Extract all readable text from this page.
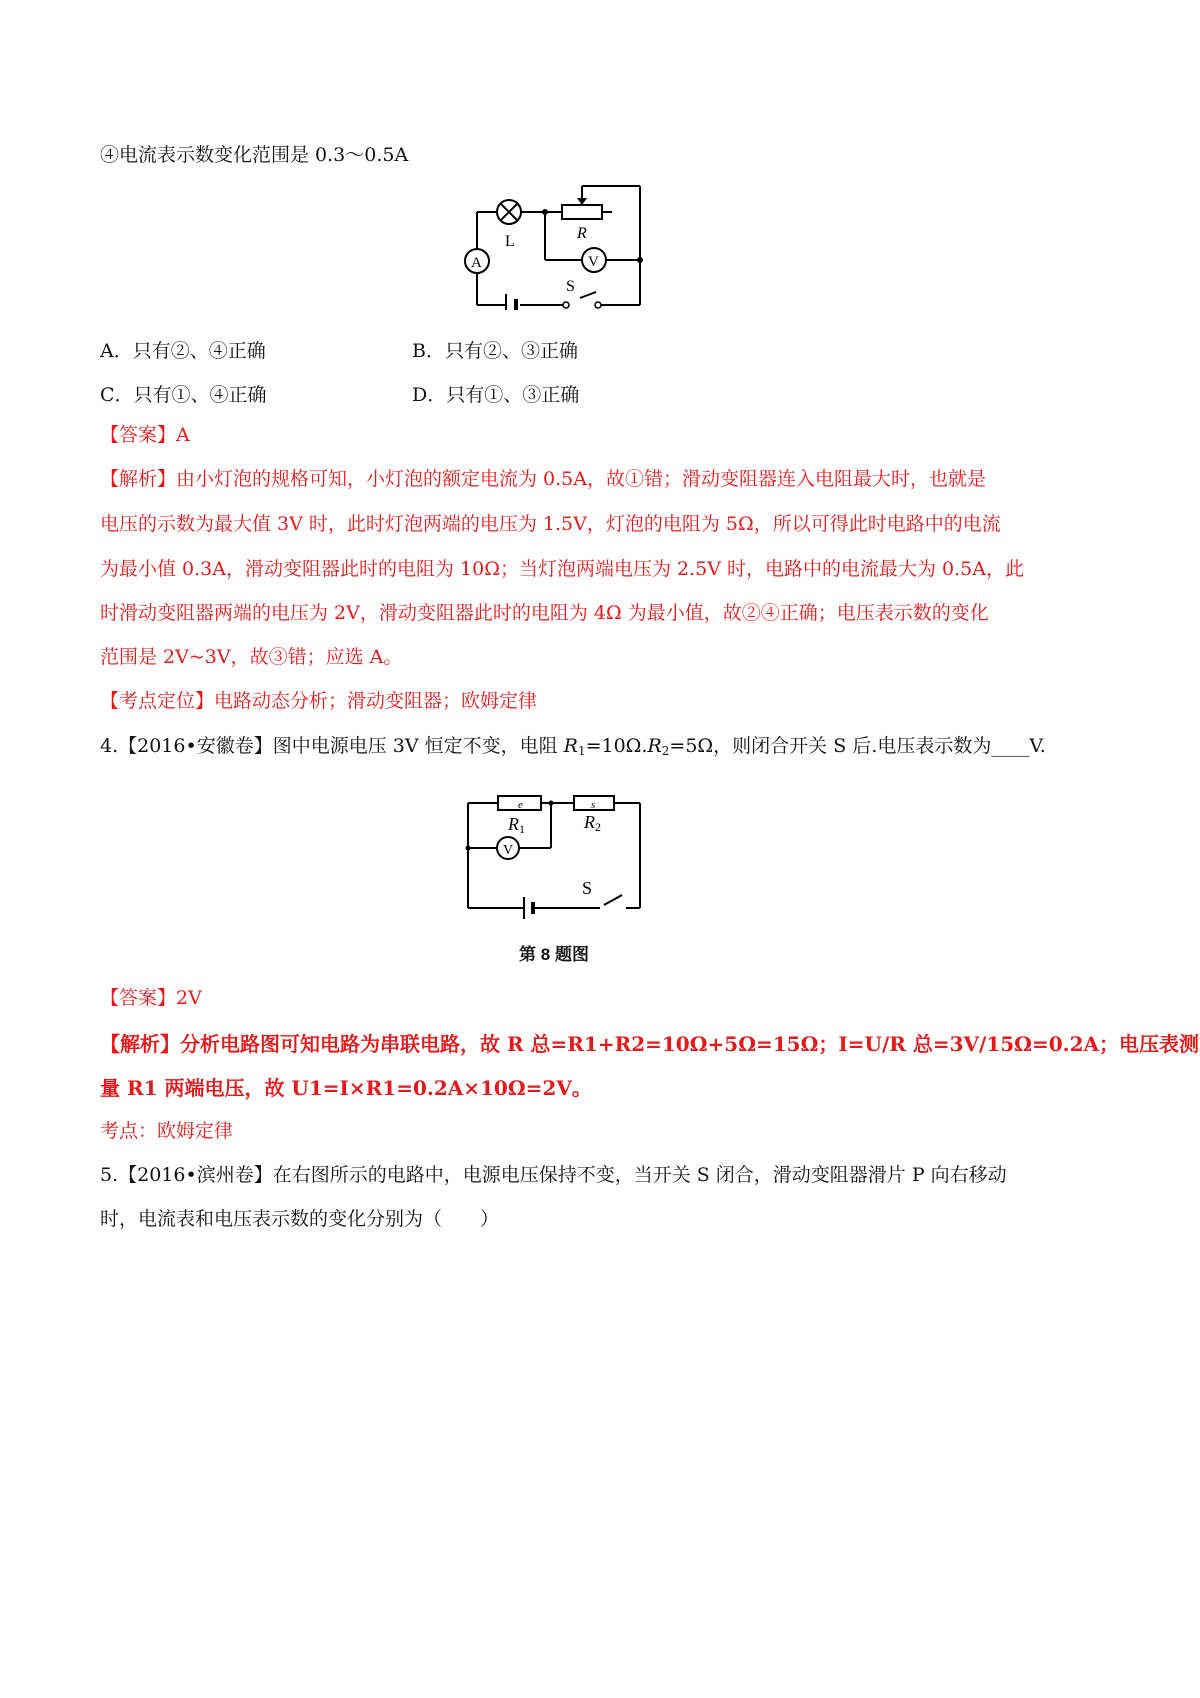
④电流表示数变化范围是 0.3～0.5A
L	R
A	V
S
A．只有②、④正确	B．只有②、③正确
C．只有①、④正确	D．只有①、③正确
【答案】A
【解析】由小灯泡的规格可知，小灯泡的额定电流为 0.5A，故①错；滑动变阻器连入电阻最大时，也就是
电压的示数为最大值 3V 时，此时灯泡两端的电压为 1.5V，灯泡的电阻为 5Ω，所以可得此时电路中的电流
为最小值 0.3A，滑动变阻器此时的电阻为 10Ω；当灯泡两端电压为 2.5V 时，电路中的电流最大为 0.5A，此
时滑动变阻器两端的电压为 2V，滑动变阻器此时的电阻为 4Ω 为最小值，故②④正确；电压表示数的变化
范围是 2V~3V，故③错；应选 A。
【考点定位】电路动态分析；滑动变阻器；欧姆定律
4.【2016•安徽卷】图中电源电压 3V 恒定不变，电阻 $R_1=10\Omega.R_2=5\Omega$，则闭合开关 S 后.电压表示数为____V.
e	s
R1	R2
V
S
第 8 题图
【答案】2V
【解析】分析电路图可知电路为串联电路，故 R 总=R1+R2=10Ω+5Ω=15Ω；I=U/R 总=3V/15Ω=0.2A；电压表测
量 R1 两端电压，故 U1=I×R1=0.2A×10Ω=2V。
考点：欧姆定律
5.【2016•滨州卷】在右图所示的电路中，电源电压保持不变，当开关 S 闭合，滑动变阻器滑片 P 向右移动
时，电流表和电压表示数的变化分别为（　　）
